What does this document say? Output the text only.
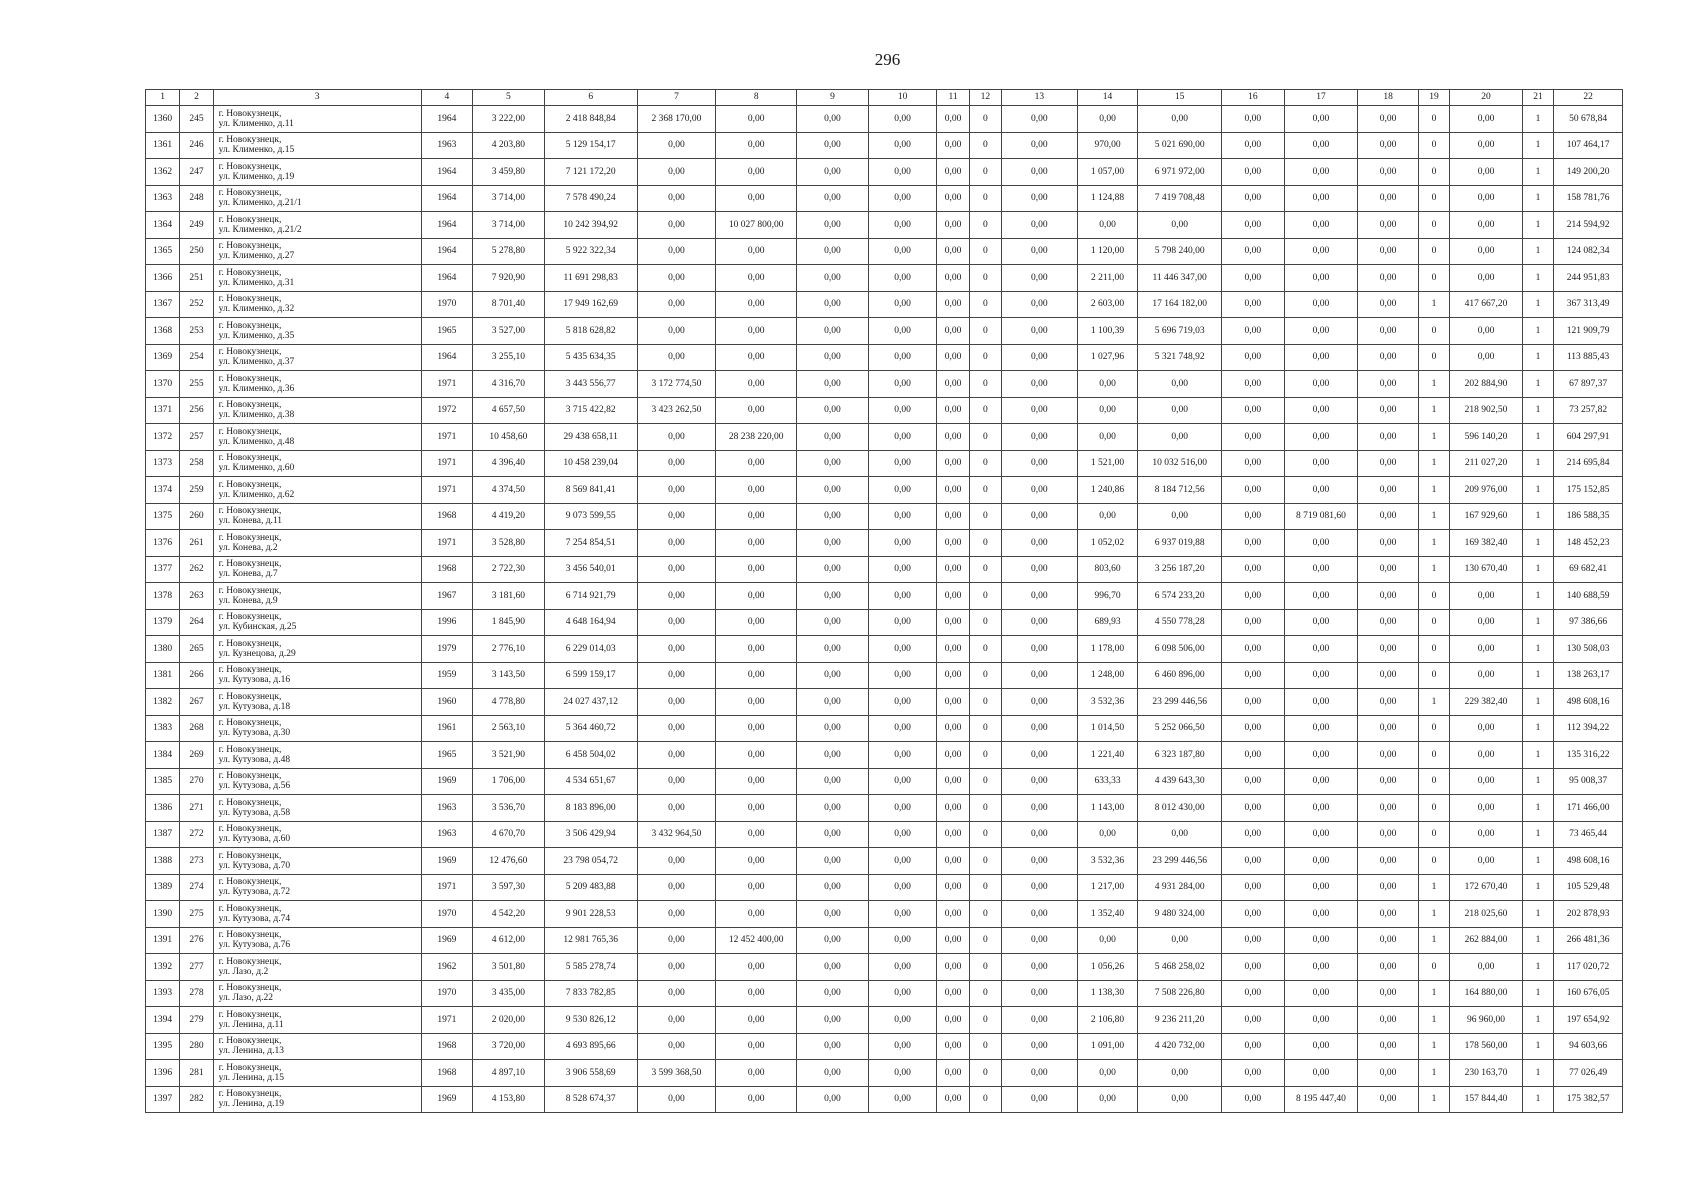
296
1	2	3	4	5	6	7	8	9	10	11	12	13	14	15	16	17	18	19	20	21	22
1360	245	г. Новокузнецк,
ул. Клименко, д.11	1964	3 222,00	2 418 848,84	2 368 170,00	0,00	0,00	0,00	0,00	0	0,00	0,00	0,00	0,00	0,00	0,00	0	0,00	1	50 678,84
1361	246	г. Новокузнецк,
ул. Клименко, д.15	1963	4 203,80	5 129 154,17	0,00	0,00	0,00	0,00	0,00	0	0,00	970,00	5 021 690,00	0,00	0,00	0,00	0	0,00	1	107 464,17
1362	247	г. Новокузнецк,
ул. Клименко, д.19	1964	3 459,80	7 121 172,20	0,00	0,00	0,00	0,00	0,00	0	0,00	1 057,00	6 971 972,00	0,00	0,00	0,00	0	0,00	1	149 200,20
1363	248	г. Новокузнецк,
ул. Клименко, д.21/1	1964	3 714,00	7 578 490,24	0,00	0,00	0,00	0,00	0,00	0	0,00	1 124,88	7 419 708,48	0,00	0,00	0,00	0	0,00	1	158 781,76
1364	249	г. Новокузнецк,
ул. Клименко, д.21/2	1964	3 714,00	10 242 394,92	0,00	10 027 800,00	0,00	0,00	0,00	0	0,00	0,00	0,00	0,00	0,00	0,00	0	0,00	1	214 594,92
1365	250	г. Новокузнецк,
ул. Клименко, д.27	1964	5 278,80	5 922 322,34	0,00	0,00	0,00	0,00	0,00	0	0,00	1 120,00	5 798 240,00	0,00	0,00	0,00	0	0,00	1	124 082,34
1366	251	г. Новокузнецк,
ул. Клименко, д.31	1964	7 920,90	11 691 298,83	0,00	0,00	0,00	0,00	0,00	0	0,00	2 211,00	11 446 347,00	0,00	0,00	0,00	0	0,00	1	244 951,83
1367	252	г. Новокузнецк,
ул. Клименко, д.32	1970	8 701,40	17 949 162,69	0,00	0,00	0,00	0,00	0,00	0	0,00	2 603,00	17 164 182,00	0,00	0,00	0,00	1	417 667,20	1	367 313,49
1368	253	г. Новокузнецк,
ул. Клименко, д.35	1965	3 527,00	5 818 628,82	0,00	0,00	0,00	0,00	0,00	0	0,00	1 100,39	5 696 719,03	0,00	0,00	0,00	0	0,00	1	121 909,79
1369	254	г. Новокузнецк,
ул. Клименко, д.37	1964	3 255,10	5 435 634,35	0,00	0,00	0,00	0,00	0,00	0	0,00	1 027,96	5 321 748,92	0,00	0,00	0,00	0	0,00	1	113 885,43
1370	255	г. Новокузнецк,
ул. Клименко, д.36	1971	4 316,70	3 443 556,77	3 172 774,50	0,00	0,00	0,00	0,00	0	0,00	0,00	0,00	0,00	0,00	0,00	1	202 884,90	1	67 897,37
1371	256	г. Новокузнецк,
ул. Клименко, д.38	1972	4 657,50	3 715 422,82	3 423 262,50	0,00	0,00	0,00	0,00	0	0,00	0,00	0,00	0,00	0,00	0,00	1	218 902,50	1	73 257,82
1372	257	г. Новокузнецк,
ул. Клименко, д.48	1971	10 458,60	29 438 658,11	0,00	28 238 220,00	0,00	0,00	0,00	0	0,00	0,00	0,00	0,00	0,00	0,00	1	596 140,20	1	604 297,91
1373	258	г. Новокузнецк,
ул. Клименко, д.60	1971	4 396,40	10 458 239,04	0,00	0,00	0,00	0,00	0,00	0	0,00	1 521,00	10 032 516,00	0,00	0,00	0,00	1	211 027,20	1	214 695,84
1374	259	г. Новокузнецк,
ул. Клименко, д.62	1971	4 374,50	8 569 841,41	0,00	0,00	0,00	0,00	0,00	0	0,00	1 240,86	8 184 712,56	0,00	0,00	0,00	1	209 976,00	1	175 152,85
1375	260	г. Новокузнецк,
ул. Конева, д.11	1968	4 419,20	9 073 599,55	0,00	0,00	0,00	0,00	0,00	0	0,00	0,00	0,00	0,00	8 719 081,60	0,00	1	167 929,60	1	186 588,35
1376	261	г. Новокузнецк,
ул. Конева, д.2	1971	3 528,80	7 254 854,51	0,00	0,00	0,00	0,00	0,00	0	0,00	1 052,02	6 937 019,88	0,00	0,00	0,00	1	169 382,40	1	148 452,23
1377	262	г. Новокузнецк,
ул. Конева, д.7	1968	2 722,30	3 456 540,01	0,00	0,00	0,00	0,00	0,00	0	0,00	803,60	3 256 187,20	0,00	0,00	0,00	1	130 670,40	1	69 682,41
1378	263	г. Новокузнецк,
ул. Конева, д.9	1967	3 181,60	6 714 921,79	0,00	0,00	0,00	0,00	0,00	0	0,00	996,70	6 574 233,20	0,00	0,00	0,00	0	0,00	1	140 688,59
1379	264	г. Новокузнецк,
ул. Кубинская, д.25	1996	1 845,90	4 648 164,94	0,00	0,00	0,00	0,00	0,00	0	0,00	689,93	4 550 778,28	0,00	0,00	0,00	0	0,00	1	97 386,66
1380	265	г. Новокузнецк,
ул. Кузнецова, д.29	1979	2 776,10	6 229 014,03	0,00	0,00	0,00	0,00	0,00	0	0,00	1 178,00	6 098 506,00	0,00	0,00	0,00	0	0,00	1	130 508,03
1381	266	г. Новокузнецк,
ул. Кутузова, д.16	1959	3 143,50	6 599 159,17	0,00	0,00	0,00	0,00	0,00	0	0,00	1 248,00	6 460 896,00	0,00	0,00	0,00	0	0,00	1	138 263,17
1382	267	г. Новокузнецк,
ул. Кутузова, д.18	1960	4 778,80	24 027 437,12	0,00	0,00	0,00	0,00	0,00	0	0,00	3 532,36	23 299 446,56	0,00	0,00	0,00	1	229 382,40	1	498 608,16
1383	268	г. Новокузнецк,
ул. Кутузова, д.30	1961	2 563,10	5 364 460,72	0,00	0,00	0,00	0,00	0,00	0	0,00	1 014,50	5 252 066,50	0,00	0,00	0,00	0	0,00	1	112 394,22
1384	269	г. Новокузнецк,
ул. Кутузова, д.48	1965	3 521,90	6 458 504,02	0,00	0,00	0,00	0,00	0,00	0	0,00	1 221,40	6 323 187,80	0,00	0,00	0,00	0	0,00	1	135 316,22
1385	270	г. Новокузнецк,
ул. Кутузова, д.56	1969	1 706,00	4 534 651,67	0,00	0,00	0,00	0,00	0,00	0	0,00	633,33	4 439 643,30	0,00	0,00	0,00	0	0,00	1	95 008,37
1386	271	г. Новокузнецк,
ул. Кутузова, д.58	1963	3 536,70	8 183 896,00	0,00	0,00	0,00	0,00	0,00	0	0,00	1 143,00	8 012 430,00	0,00	0,00	0,00	0	0,00	1	171 466,00
1387	272	г. Новокузнецк,
ул. Кутузова, д.60	1963	4 670,70	3 506 429,94	3 432 964,50	0,00	0,00	0,00	0,00	0	0,00	0,00	0,00	0,00	0,00	0,00	0	0,00	1	73 465,44
1388	273	г. Новокузнецк,
ул. Кутузова, д.70	1969	12 476,60	23 798 054,72	0,00	0,00	0,00	0,00	0,00	0	0,00	3 532,36	23 299 446,56	0,00	0,00	0,00	0	0,00	1	498 608,16
1389	274	г. Новокузнецк,
ул. Кутузова, д.72	1971	3 597,30	5 209 483,88	0,00	0,00	0,00	0,00	0,00	0	0,00	1 217,00	4 931 284,00	0,00	0,00	0,00	1	172 670,40	1	105 529,48
1390	275	г. Новокузнецк,
ул. Кутузова, д.74	1970	4 542,20	9 901 228,53	0,00	0,00	0,00	0,00	0,00	0	0,00	1 352,40	9 480 324,00	0,00	0,00	0,00	1	218 025,60	1	202 878,93
1391	276	г. Новокузнецк,
ул. Кутузова, д.76	1969	4 612,00	12 981 765,36	0,00	12 452 400,00	0,00	0,00	0,00	0	0,00	0,00	0,00	0,00	0,00	0,00	1	262 884,00	1	266 481,36
1392	277	г. Новокузнецк,
ул. Лазо, д.2	1962	3 501,80	5 585 278,74	0,00	0,00	0,00	0,00	0,00	0	0,00	1 056,26	5 468 258,02	0,00	0,00	0,00	0	0,00	1	117 020,72
1393	278	г. Новокузнецк,
ул. Лазо, д.22	1970	3 435,00	7 833 782,85	0,00	0,00	0,00	0,00	0,00	0	0,00	1 138,30	7 508 226,80	0,00	0,00	0,00	1	164 880,00	1	160 676,05
1394	279	г. Новокузнецк,
ул. Ленина, д.11	1971	2 020,00	9 530 826,12	0,00	0,00	0,00	0,00	0,00	0	0,00	2 106,80	9 236 211,20	0,00	0,00	0,00	1	96 960,00	1	197 654,92
1395	280	г. Новокузнецк,
ул. Ленина, д.13	1968	3 720,00	4 693 895,66	0,00	0,00	0,00	0,00	0,00	0	0,00	1 091,00	4 420 732,00	0,00	0,00	0,00	1	178 560,00	1	94 603,66
1396	281	г. Новокузнецк,
ул. Ленина, д.15	1968	4 897,10	3 906 558,69	3 599 368,50	0,00	0,00	0,00	0,00	0	0,00	0,00	0,00	0,00	0,00	0,00	1	230 163,70	1	77 026,49
1397	282	г. Новокузнецк,
ул. Ленина, д.19	1969	4 153,80	8 528 674,37	0,00	0,00	0,00	0,00	0,00	0	0,00	0,00	0,00	0,00	8 195 447,40	0,00	1	157 844,40	1	175 382,57
